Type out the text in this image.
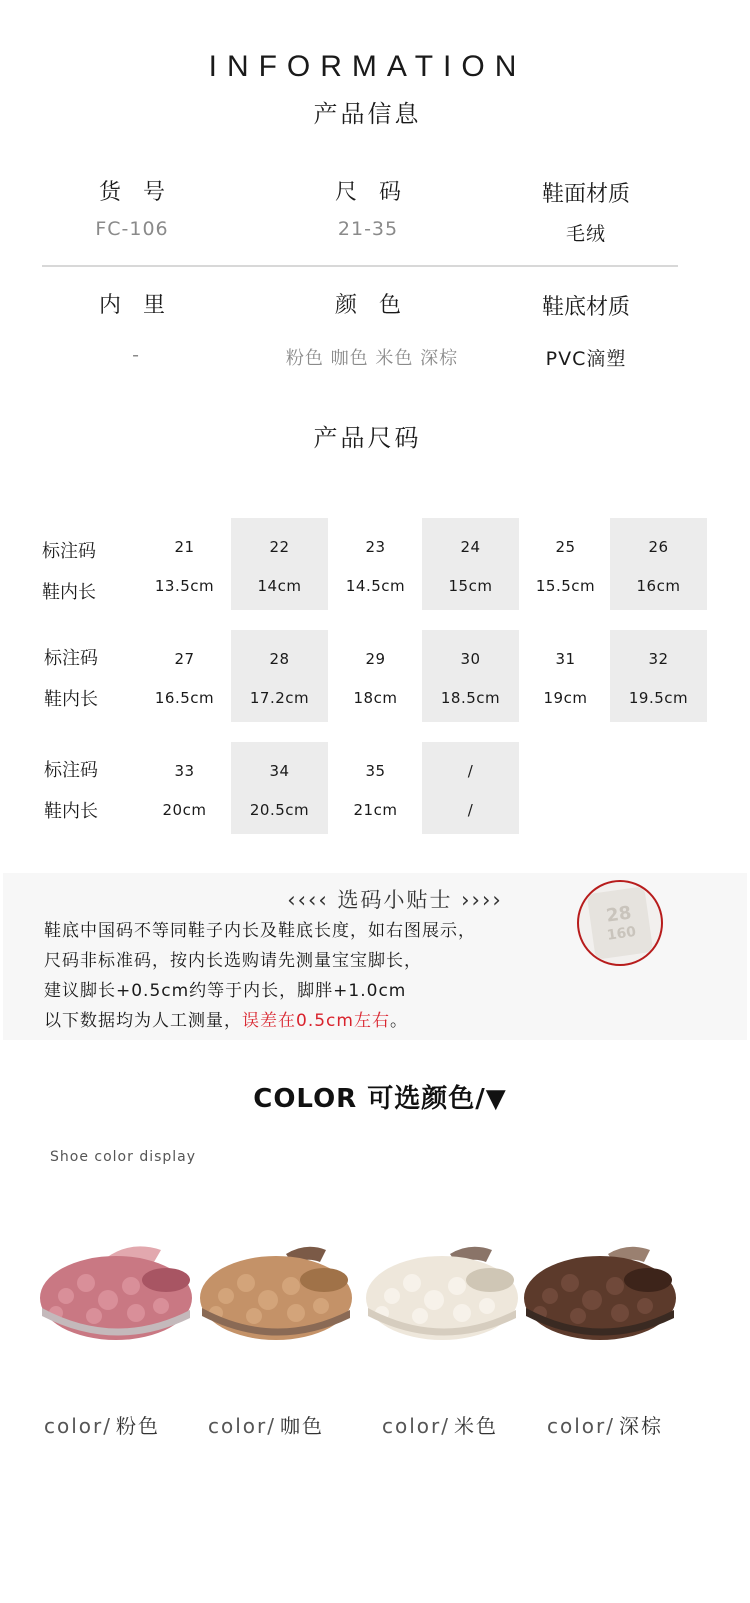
INFORMATION
产品信息
货　号
FC-106
尺　码
21-35
鞋面材质
毛绒
内　里
-
颜　色
粉色 咖色 米色 深棕
鞋底材质
PVC滴塑
产品尺码
标注码
鞋内长
21
13.5cm
22
14cm
23
14.5cm
24
15cm
25
15.5cm
26
16cm
标注码
鞋内长
27
16.5cm
28
17.2cm
29
18cm
30
18.5cm
31
19cm
32
19.5cm
标注码
鞋内长
33
20cm
34
20.5cm
35
21cm
/
/
‹‹‹‹ 选码小贴士 ››››
鞋底中国码不等同鞋子内长及鞋底长度，如右图展示，
尺码非标准码，按内长选购请先测量宝宝脚长，
建议脚长+0.5cm约等于内长，脚胖+1.0cm
以下数据均为人工测量，误差在0.5cm左右。
28
160
COLOR 可选颜色/▼
Shoe color display
color/ 粉色 color/ 咖色	color/ 米色 color/ 深棕
